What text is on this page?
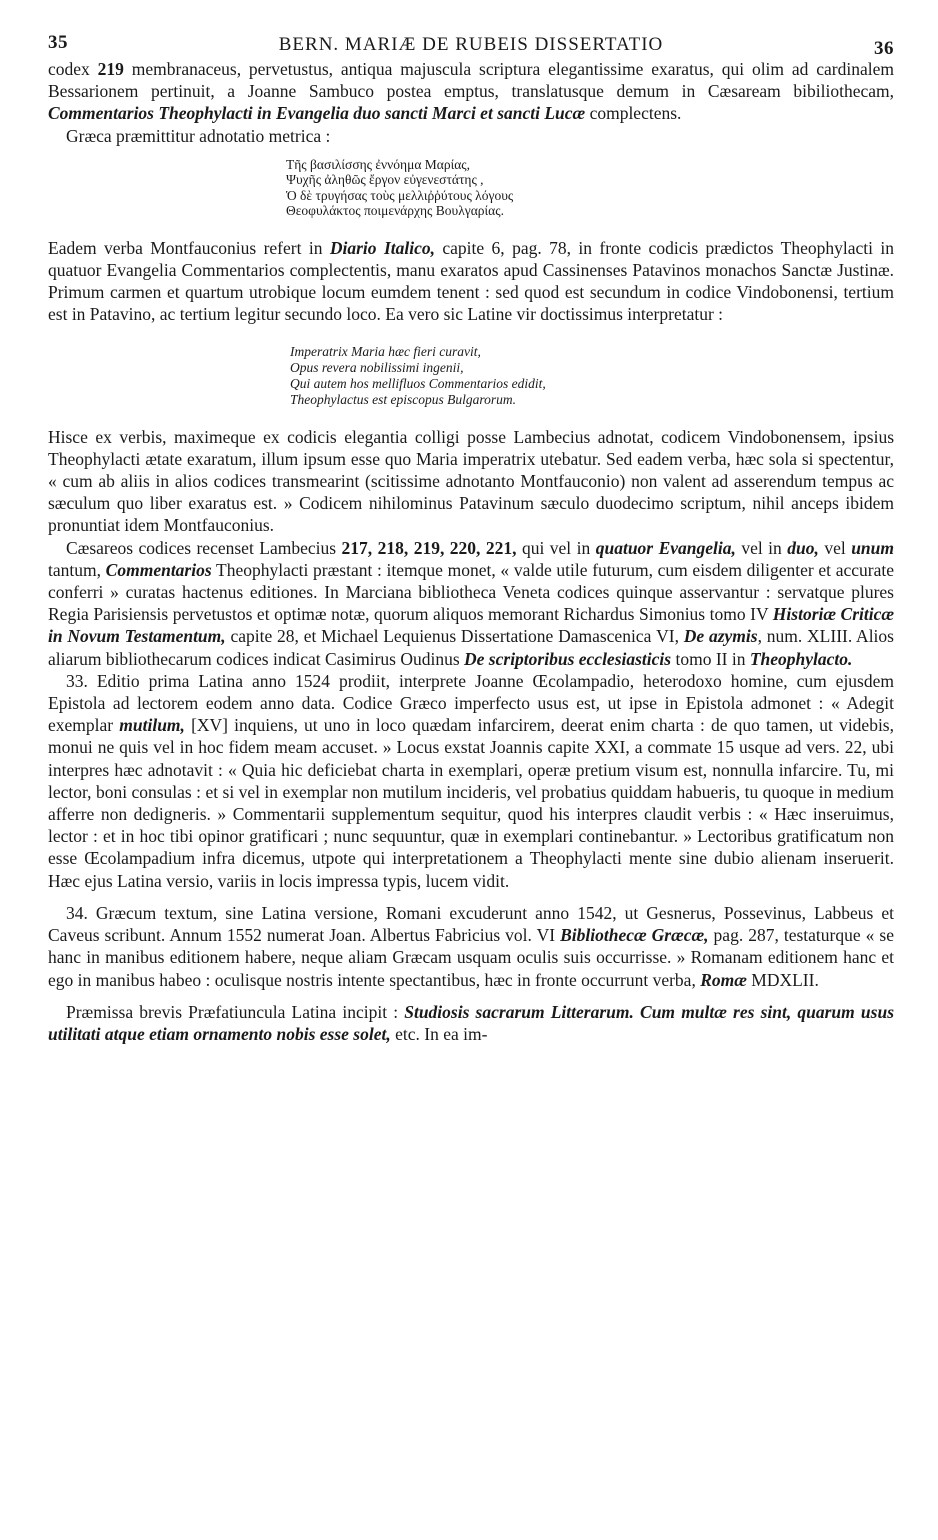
35	BERN. MARIÆ DE RUBEIS DISSERTATIO	36

codex 219 membranaceus, pervetustus, antiqua majuscula scriptura elegantissime exaratus, qui olim ad cardinalem Bessarionem pertinuit, a Joanne Sambuco postea emptus, translatusque demum in Cæsaream bibiliothecam, Commentarios Theophylacti in Evangelia duo sancti Marci et sancti Lucæ complectens.

Græca præmittitur adnotatio metrica :

Τῆς βασιλίσσης ἐννόημα Μαρίας,
Ψυχῆς ἀληθῶς ἔργον εὐγενεστάτης ,
Ὁ δὲ τρυγήσας τοὺς μελλιῤῥύτους λόγους
Θεοφυλάκτος ποιμενάρχης Βουλγαρίας.

Eadem verba Montfauconius refert in Diario Italico, capite 6, pag. 78, in fronte codicis prædictos Theophylacti in quatuor Evangelia Commentarios complectentis, manu exaratos apud Cassinenses Patavinos monachos Sanctæ Justinæ. Primum carmen et quartum utrobique locum eumdem tenent : sed quod est secundum in codice Vindobonensi, tertium est in Patavino, ac tertium legitur secundo loco. Ea vero sic Latine vir doctissimus interpretatur :

Imperatrix Maria hæc fieri curavit,
Opus revera nobilissimi ingenii,
Qui autem hos mellifluos Commentarios edidit,
Theophylactus est episcopus Bulgarorum.

Hisce ex verbis, maximeque ex codicis elegantia colligi posse Lambecius adnotat, codicem Vindobonensem, ipsius Theophylacti ætate exaratum, illum ipsum esse quo Maria imperatrix utebatur. Sed eadem verba, hæc sola si spectentur, « cum ab aliis in alios codices transmearint (scitissime adnotanto Montfauconio) non valent ad asserendum tempus ac sæculum quo liber exaratus est. » Codicem nihilominus Patavinum sæculo duodecimo scriptum, nihil anceps ibidem pronuntiat idem Montfauconius.

Cæsareos codices recenset Lambecius 217, 218, 219, 220, 221, qui vel in quatuor Evangelia, vel in duo, vel unum tantum, Commentarios Theophylacti præstant : itemque monet, « valde utile futurum, cum eisdem diligenter et accurate conferri » curatas hactenus editiones. In Marciana bibliotheca Veneta codices quinque asservantur : servatque plures Regia Parisiensis pervetustos et optimæ notæ, quorum aliquos memorant Richardus Simonius tomo IV Historiæ Criticæ in Novum Testamentum, capite 28, et Michael Lequienus Dissertatione Damascenica VI, De azymis, num. XLIII. Alios aliarum bibliothecarum codices indicat Casimirus Oudinus De scriptoribus ecclesiasticis tomo II in Theophylacto.

33. Editio prima Latina anno 1524 prodiit, interprete Joanne Œcolampadio, heterodoxo homine, cum ejusdem Epistola ad lectorem eodem anno data. Codice Græco imperfecto usus est, ut ipse in Epistola admonet : « Adegit exemplar mutilum, [XV] inquiens, ut uno in loco quædam infarcirem, deerat enim charta : de quo tamen, ut videbis, monui ne quis vel in hoc fidem meam accuset. » Locus exstat Joannis capite XXI, a commate 15 usque ad vers. 22, ubi interpres hæc adnotavit : « Quia hic deficiebat charta in exemplari, operæ pretium visum est, nonnulla infarcire. Tu, mi lector, boni consulas : et si vel in exemplar non mutilum incideris, vel probatius quiddam habueris, tu quoque in medium afferre non dedigneris. » Commentarii supplementum sequitur, quod his interpres claudit verbis : « Hæc inseruimus, lector : et in hoc tibi opinor gratificari ; nunc sequuntur, quæ in exemplari continebantur. » Lectoribus gratificatum non esse Œcolampadium infra dicemus, utpote qui interpretationem a Theophylacti mente sine dubio alienam inseruerit. Hæc ejus Latina versio, variis in locis impressa typis, lucem vidit.

34. Græcum textum, sine Latina versione, Romani excuderunt anno 1542, ut Gesnerus, Possevinus, Labbeus et Caveus scribunt. Annum 1552 numerat Joan. Albertus Fabricius vol. VI Bibliothecæ Græcæ, pag. 287, testaturque « se hanc in manibus editionem habere, neque aliam Græcam usquam oculis suis occurrisse. » Romanam editionem hanc et ego in manibus habeo : oculisque nostris intente spectantibus, hæc in fronte occurrunt verba, Romæ MDXLII.

Præmissa brevis Præfatiuncula Latina incipit : Studiosis sacrarum Litterarum. Cum multæ res sint, quarum usus utilitati atque etiam ornamento nobis esse solet, etc. In ea im-
